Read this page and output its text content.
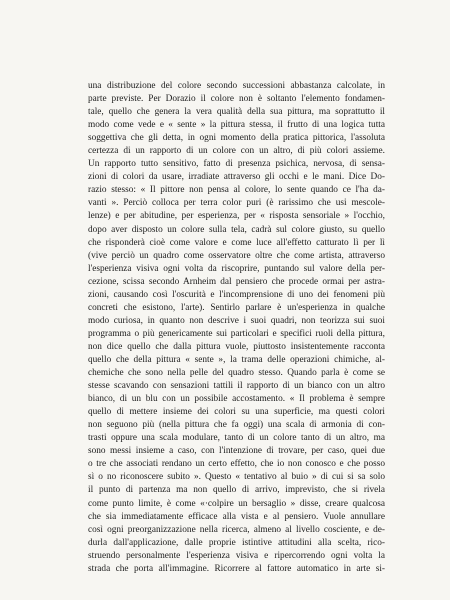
una distribuzione del colore secondo successioni abbastanza calcolate, in
parte previste. Per Dorazio il colore non è soltanto l'elemento fondamen-
tale, quello che genera la vera qualità della sua pittura, ma soprattutto il
modo come vede e « sente » la pittura stessa, il frutto di una logica tutta
soggettiva che gli detta, in ogni momento della pratica pittorica, l'assoluta
certezza di un rapporto di un colore con un altro, di più colori assieme.
Un rapporto tutto sensitivo, fatto di presenza psichica, nervosa, di sensa-
zioni di colori da usare, irradiate attraverso gli occhi e le mani. Dice Do-
razio stesso: « Il pittore non pensa al colore, lo sente quando ce l'ha da-
vanti ». Perciò colloca per terra color puri (è rarissimo che usi mescole-
lenze) e per abitudine, per esperienza, per « risposta sensoriale » l'occhio,
dopo aver disposto un colore sulla tela, cadrà sul colore giusto, su quello
che risponderà cioè come valore e come luce all'effetto catturato lì per lì
(vive perciò un quadro come osservatore oltre che come artista, attraverso
l'esperienza visiva ogni volta da riscoprire, puntando sul valore della per-
cezione, scissa secondo Arnheim dal pensiero che procede ormai per astra-
zioni, causando così l'oscurità e l'incomprensione di uno dei fenomeni più
concreti che esistono, l'arte). Sentirlo parlare è un'esperienza in qualche
modo curiosa, in quanto non descrive i suoi quadri, non teorizza sui suoi
programma o più genericamente sui particolari e specifici ruoli della pittura,
non dice quello che dalla pittura vuole, piuttosto insistentemente racconta
quello che della pittura « sente », la trama delle operazioni chimiche, al-
chemiche che sono nella pelle del quadro stesso. Quando parla è come se
stesse scavando con sensazioni tattili il rapporto di un bianco con un altro
bianco, di un blu con un possibile accostamento. « Il problema è sempre
quello di mettere insieme dei colori su una superficie, ma questi colori
non seguono più (nella pittura che fa oggi) una scala di armonia di con-
trasti oppure una scala modulare, tanto di un colore tanto di un altro, ma
sono messi insieme a caso, con l'intenzione di trovare, per caso, quei due
o tre che associati rendano un certo effetto, che io non conosco e che posso
sì o no riconoscere subito ». Questo « tentativo al buio » di cui si sa solo
il punto di partenza ma non quello di arrivo, imprevisto, che si rivela
come punto limite, è come «·colpire un bersaglio » disse, creare qualcosa
che sia immediatamente efficace alla vista e al pensiero. Vuole annullare
così ogni preorganizzazione nella ricerca, almeno al livello cosciente, e de-
durla dall'applicazione, dalle proprie istintive attitudini alla scelta, rico-
struendo personalmente l'esperienza visiva e ripercorrendo ogni volta la
strada che porta all'immagine. Ricorrere al fattore automatico in arte si-
